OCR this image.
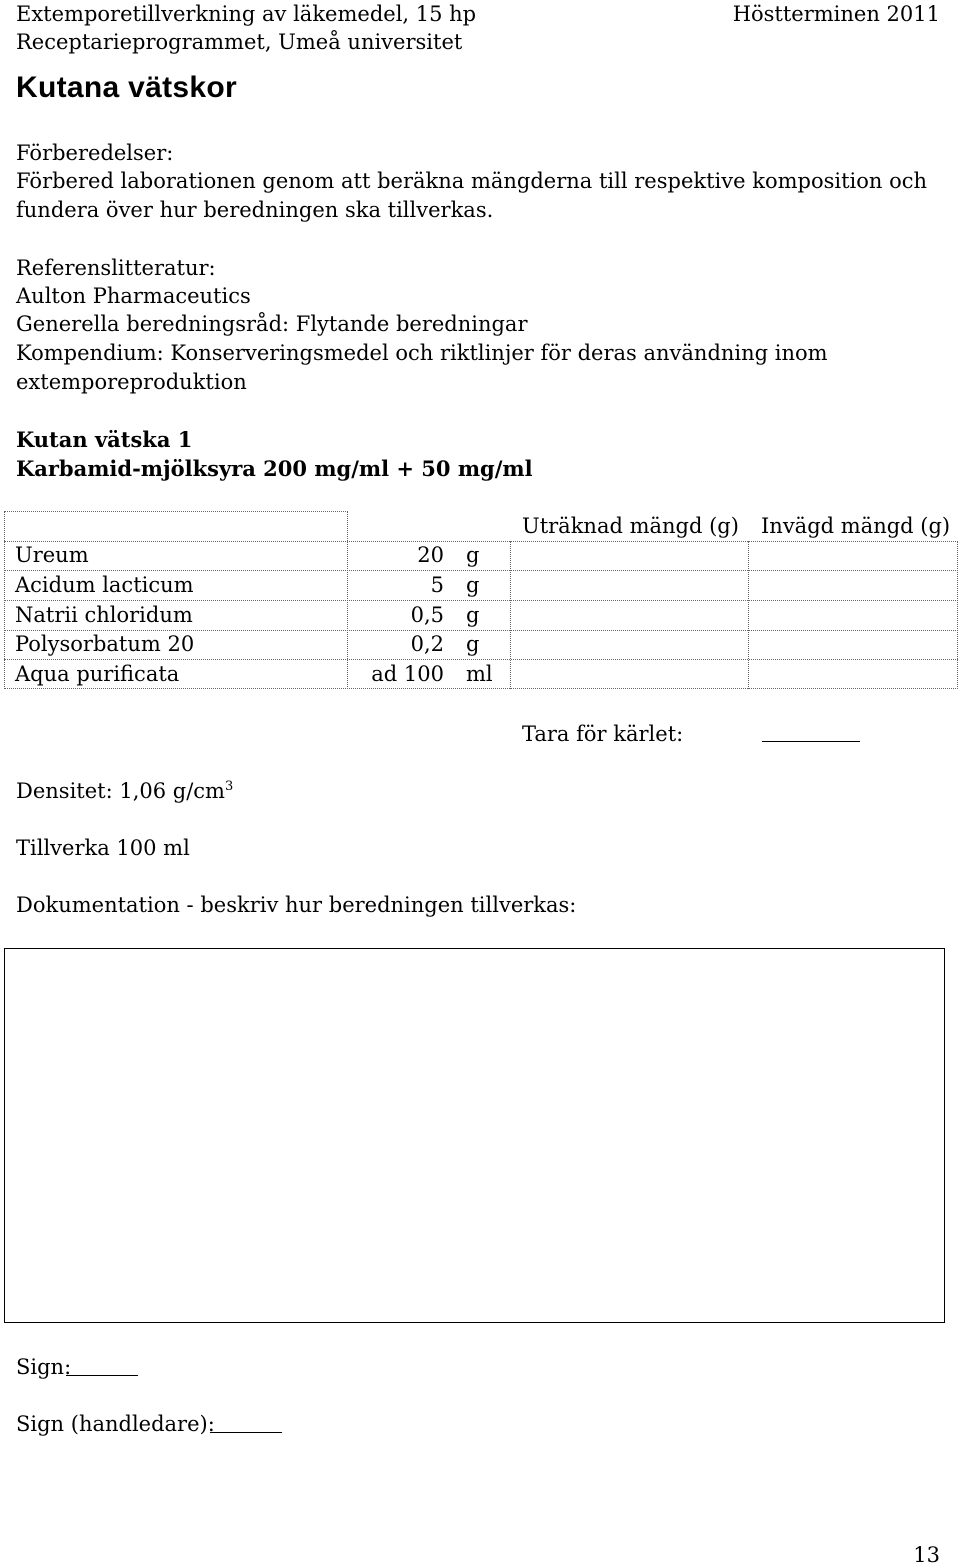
Extemporetillverkning av läkemedel, 15 hp
Receptarieprogrammet, Umeå universitet
Höstterminen 2011
Kutana vätskor
Förberedelser:
Förbered laborationen genom att beräkna mängderna till respektive komposition och
fundera över hur beredningen ska tillverkas.
Referenslitteratur:
Aulton Pharmaceutics
Generella beredningsråd: Flytande beredningar
Kompendium: Konserveringsmedel och riktlinjer för deras användning inom
extemporeproduktion
Kutan vätska 1
Karbamid-mjölksyra 200 mg/ml + 50 mg/ml
Uträknad mängd (g) Invägd mängd (g)
Ureum	20 g
Acidum lacticum	5 g
Natrii chloridum	0,5 g
Polysorbatum 20	0,2 g
Aqua purificata	ad 100 ml
Tara för kärlet:
Densitet: 1,06 $g/cm^3$
Tillverka 100 ml
Dokumentation - beskriv hur beredningen tillverkas:
Sign:
Sign (handledare):
13
